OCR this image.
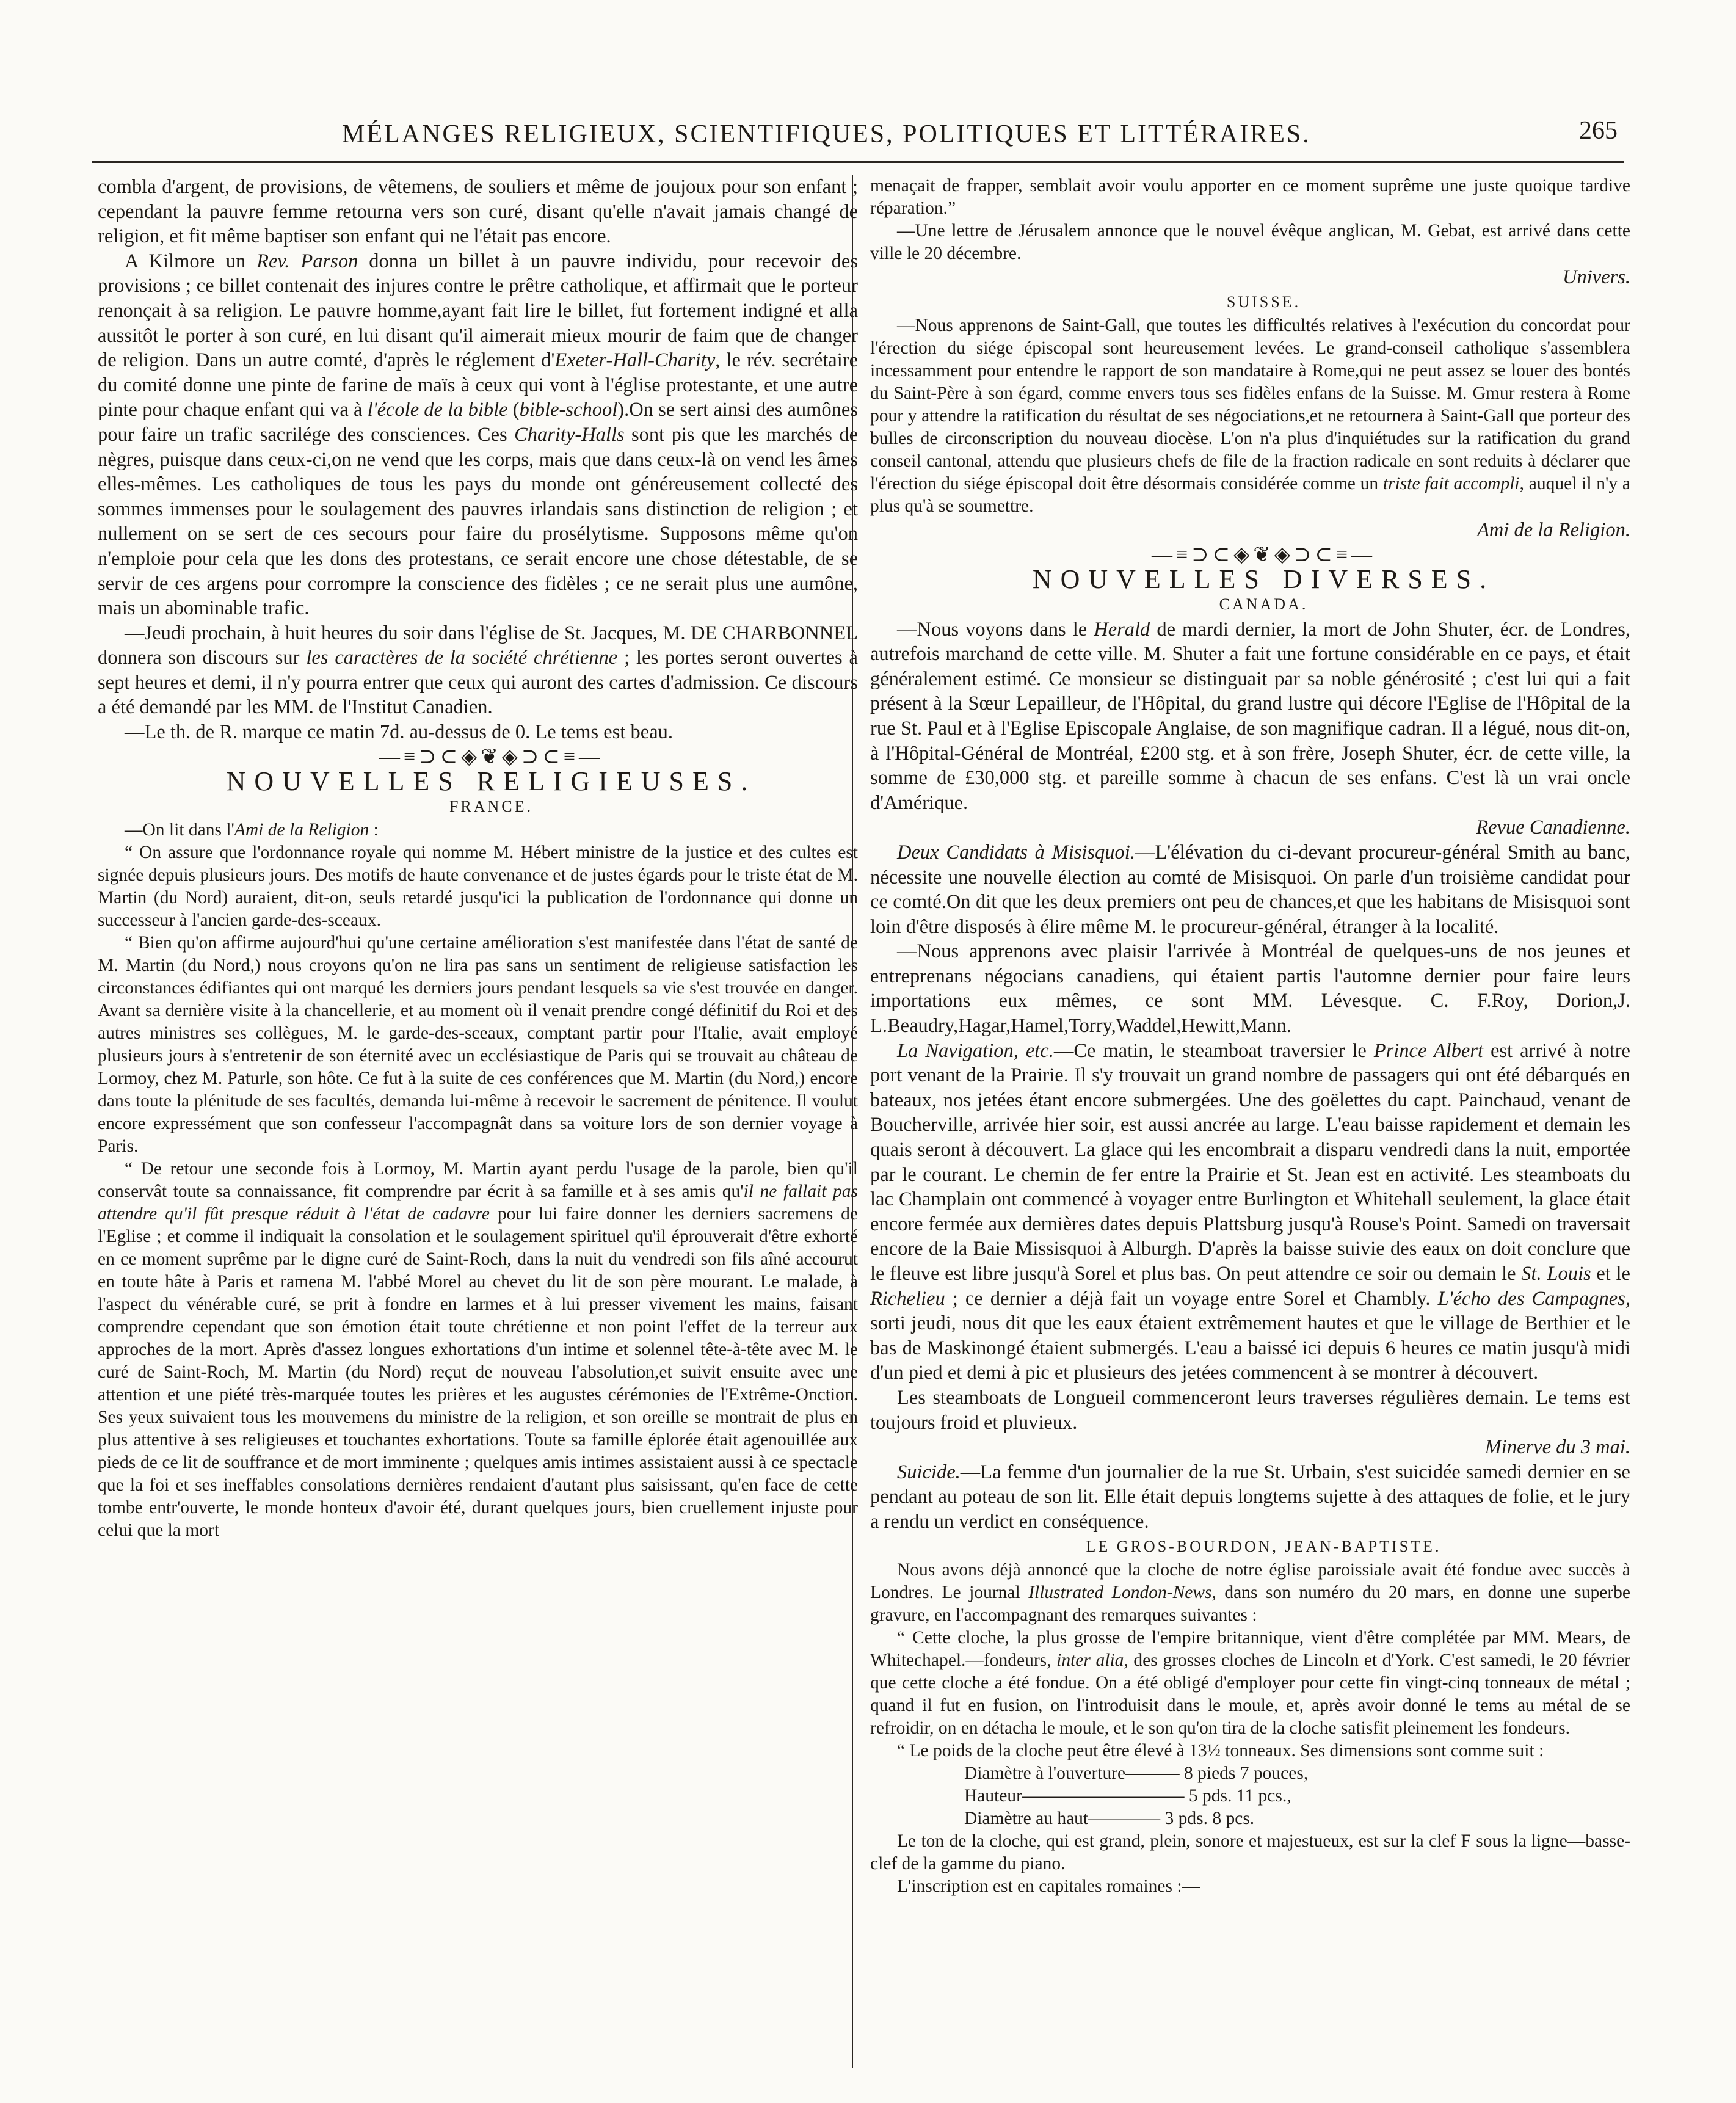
MÉLANGES RELIGIEUX, SCIENTIFIQUES, POLITIQUES ET LITTÉRAIRES.	265

combla d'argent, de provisions, de vêtemens, de souliers et même de joujoux pour son enfant ; cependant la pauvre femme retourna vers son curé, disant qu'elle n'avait jamais changé de religion, et fit même baptiser son enfant qui ne l'était pas encore.

A Kilmore un Rev. Parson donna un billet à un pauvre individu, pour recevoir des provisions ; ce billet contenait des injures contre le prêtre catholique, et affirmait que le porteur renonçait à sa religion. Le pauvre homme,ayant fait lire le billet, fut fortement indigné et alla aussitôt le porter à son curé, en lui disant qu'il aimerait mieux mourir de faim que de changer de religion. Dans un autre comté, d'après le réglement d'Exeter-Hall-Charity, le rév. secrétaire du comité donne une pinte de farine de maïs à ceux qui vont à l'église protestante, et une autre pinte pour chaque enfant qui va à l'école de la bible (bible-school).On se sert ainsi des aumônes pour faire un trafic sacrilége des consciences. Ces Charity-Halls sont pis que les marchés de nègres, puisque dans ceux-ci,on ne vend que les corps, mais que dans ceux-là on vend les âmes elles-mêmes. Les catholiques de tous les pays du monde ont généreusement collecté des sommes immenses pour le soulagement des pauvres irlandais sans distinction de religion ; et nullement on se sert de ces secours pour faire du prosélytisme. Supposons même qu'on n'emploie pour cela que les dons des protestans, ce serait encore une chose détestable, de se servir de ces argens pour corrompre la conscience des fidèles ; ce ne serait plus une aumône, mais un abominable trafic.

—Jeudi prochain, à huit heures du soir dans l'église de St. Jacques, M. DE CHARBONNEL donnera son discours sur les caractères de la société chrétienne ; les portes seront ouvertes à sept heures et demi, il n'y pourra entrer que ceux qui auront des cartes d'admission. Ce discours a été demandé par les MM. de l'Institut Canadien.

—Le th. de R. marque ce matin 7d. au-dessus de 0. Le tems est beau.

—≡⊃⊂◈❦◈⊃⊂≡—

NOUVELLES RELIGIEUSES.

FRANCE.

—On lit dans l'Ami de la Religion :

“ On assure que l'ordonnance royale qui nomme M. Hébert ministre de la justice et des cultes est signée depuis plusieurs jours. Des motifs de haute convenance et de justes égards pour le triste état de M. Martin (du Nord) auraient, dit-on, seuls retardé jusqu'ici la publication de l'ordonnance qui donne un successeur à l'ancien garde-des-sceaux.

“ Bien qu'on affirme aujourd'hui qu'une certaine amélioration s'est manifestée dans l'état de santé de M. Martin (du Nord,) nous croyons qu'on ne lira pas sans un sentiment de religieuse satisfaction les circonstances édifiantes qui ont marqué les derniers jours pendant lesquels sa vie s'est trouvée en danger. Avant sa dernière visite à la chancellerie, et au moment où il venait prendre congé définitif du Roi et des autres ministres ses collègues, M. le garde-des-sceaux, comptant partir pour l'Italie, avait employé plusieurs jours à s'entretenir de son éternité avec un ecclésiastique de Paris qui se trouvait au château de Lormoy, chez M. Paturle, son hôte. Ce fut à la suite de ces conférences que M. Martin (du Nord,) encore dans toute la plénitude de ses facultés, demanda lui-même à recevoir le sacrement de pénitence. Il voulut encore expressément que son confesseur l'accompagnât dans sa voiture lors de son dernier voyage à Paris.

“ De retour une seconde fois à Lormoy, M. Martin ayant perdu l'usage de la parole, bien qu'il conservât toute sa connaissance, fit comprendre par écrit à sa famille et à ses amis qu'il ne fallait pas attendre qu'il fût presque réduit à l'état de cadavre pour lui faire donner les derniers sacremens de l'Eglise ; et comme il indiquait la consolation et le soulagement spirituel qu'il éprouverait d'être exhorté en ce moment suprême par le digne curé de Saint-Roch, dans la nuit du vendredi son fils aîné accourut en toute hâte à Paris et ramena M. l'abbé Morel au chevet du lit de son père mourant. Le malade, à l'aspect du vénérable curé, se prit à fondre en larmes et à lui presser vivement les mains, faisant comprendre cependant que son émotion était toute chrétienne et non point l'effet de la terreur aux approches de la mort. Après d'assez longues exhortations d'un intime et solennel tête-à-tête avec M. le curé de Saint-Roch, M. Martin (du Nord) reçut de nouveau l'absolution,et suivit ensuite avec une attention et une piété très-marquée toutes les prières et les augustes cérémonies de l'Extrême-Onction. Ses yeux suivaient tous les mouvemens du ministre de la religion, et son oreille se montrait de plus en plus attentive à ses religieuses et touchantes exhortations. Toute sa famille éplorée était agenouillée aux pieds de ce lit de souffrance et de mort imminente ; quelques amis intimes assistaient aussi à ce spectacle que la foi et ses ineffables consolations dernières rendaient d'autant plus saisissant, qu'en face de cette tombe entr'ouverte, le monde honteux d'avoir été, durant quelques jours, bien cruellement injuste pour celui que la mort

menaçait de frapper, semblait avoir voulu apporter en ce moment suprême une juste quoique tardive réparation.”

—Une lettre de Jérusalem annonce que le nouvel évêque anglican, M. Gebat, est arrivé dans cette ville le 20 décembre.

Univers.

SUISSE.

—Nous apprenons de Saint-Gall, que toutes les difficultés relatives à l'exécution du concordat pour l'érection du siége épiscopal sont heureusement levées. Le grand-conseil catholique s'assemblera incessamment pour entendre le rapport de son mandataire à Rome,qui ne peut assez se louer des bontés du Saint-Père à son égard, comme envers tous ses fidèles enfans de la Suisse. M. Gmur restera à Rome pour y attendre la ratification du résultat de ses négociations,et ne retournera à Saint-Gall que porteur des bulles de circonscription du nouveau diocèse. L'on n'a plus d'inquiétudes sur la ratification du grand conseil cantonal, attendu que plusieurs chefs de file de la fraction radicale en sont reduits à déclarer que l'érection du siége épiscopal doit être désormais considérée comme un triste fait accompli, auquel il n'y a plus qu'à se soumettre.

Ami de la Religion.

—≡⊃⊂◈❦◈⊃⊂≡—

NOUVELLES DIVERSES.

CANADA.

—Nous voyons dans le Herald de mardi dernier, la mort de John Shuter, écr. de Londres, autrefois marchand de cette ville. M. Shuter a fait une fortune considérable en ce pays, et était généralement estimé. Ce monsieur se distinguait par sa noble générosité ; c'est lui qui a fait présent à la Sœur Lepailleur, de l'Hôpital, du grand lustre qui décore l'Eglise de l'Hôpital de la rue St. Paul et à l'Eglise Episcopale Anglaise, de son magnifique cadran. Il a légué, nous dit-on, à l'Hôpital-Général de Montréal, £200 stg. et à son frère, Joseph Shuter, écr. de cette ville, la somme de £30,000 stg. et pareille somme à chacun de ses enfans. C'est là un vrai oncle d'Amérique.

Revue Canadienne.

Deux Candidats à Misisquoi.—L'élévation du ci-devant procureur-général Smith au banc, nécessite une nouvelle élection au comté de Misisquoi. On parle d'un troisième candidat pour ce comté.On dit que les deux premiers ont peu de chances,et que les habitans de Misisquoi sont loin d'être disposés à élire même M. le procureur-général, étranger à la localité.

—Nous apprenons avec plaisir l'arrivée à Montréal de quelques-uns de nos jeunes et entreprenans négocians canadiens, qui étaient partis l'automne dernier pour faire leurs importations eux mêmes, ce sont MM. Lévesque. C. F.Roy, Dorion,J. L.Beaudry,Hagar,Hamel,Torry,Waddel,Hewitt,Mann.

La Navigation, etc.—Ce matin, le steamboat traversier le Prince Albert est arrivé à notre port venant de la Prairie. Il s'y trouvait un grand nombre de passagers qui ont été débarqués en bateaux, nos jetées étant encore submergées. Une des goëlettes du capt. Painchaud, venant de Boucherville, arrivée hier soir, est aussi ancrée au large. L'eau baisse rapidement et demain les quais seront à découvert. La glace qui les encombrait a disparu vendredi dans la nuit, emportée par le courant. Le chemin de fer entre la Prairie et St. Jean est en activité. Les steamboats du lac Champlain ont commencé à voyager entre Burlington et Whitehall seulement, la glace était encore fermée aux dernières dates depuis Plattsburg jusqu'à Rouse's Point. Samedi on traversait encore de la Baie Missisquoi à Alburgh. D'après la baisse suivie des eaux on doit conclure que le fleuve est libre jusqu'à Sorel et plus bas. On peut attendre ce soir ou demain le St. Louis et le Richelieu ; ce dernier a déjà fait un voyage entre Sorel et Chambly. L'écho des Campagnes, sorti jeudi, nous dit que les eaux étaient extrêmement hautes et que le village de Berthier et le bas de Maskinongé étaient submergés. L'eau a baissé ici depuis 6 heures ce matin jusqu'à midi d'un pied et demi à pic et plusieurs des jetées commencent à se montrer à découvert.

Les steamboats de Longueil commenceront leurs traverses régulières demain. Le tems est toujours froid et pluvieux.

Minerve du 3 mai.

Suicide.—La femme d'un journalier de la rue St. Urbain, s'est suicidée samedi dernier en se pendant au poteau de son lit. Elle était depuis longtems sujette à des attaques de folie, et le jury a rendu un verdict en conséquence.

LE GROS-BOURDON, JEAN-BAPTISTE.

Nous avons déjà annoncé que la cloche de notre église paroissiale avait été fondue avec succès à Londres. Le journal Illustrated London-News, dans son numéro du 20 mars, en donne une superbe gravure, en l'accompagnant des remarques suivantes :

“ Cette cloche, la plus grosse de l'empire britannique, vient d'être complétée par MM. Mears, de Whitechapel.—fondeurs, inter alia, des grosses cloches de Lincoln et d'York. C'est samedi, le 20 février que cette cloche a été fondue. On a été obligé d'employer pour cette fin vingt-cinq tonneaux de métal ; quand il fut en fusion, on l'introduisit dans le moule, et, après avoir donné le tems au métal de se refroidir, on en détacha le moule, et le son qu'on tira de la cloche satisfit pleinement les fondeurs.

“ Le poids de la cloche peut être élevé à 13½ tonneaux. Ses dimensions sont comme suit :

Diamètre à l'ouverture——— 8 pieds 7 pouces,

Hauteur————————— 5 pds. 11 pcs.,

Diamètre au haut———— 3 pds. 8 pcs.

Le ton de la cloche, qui est grand, plein, sonore et majestueux, est sur la clef F sous la ligne—basse-clef de la gamme du piano.

L'inscription est en capitales romaines :—
